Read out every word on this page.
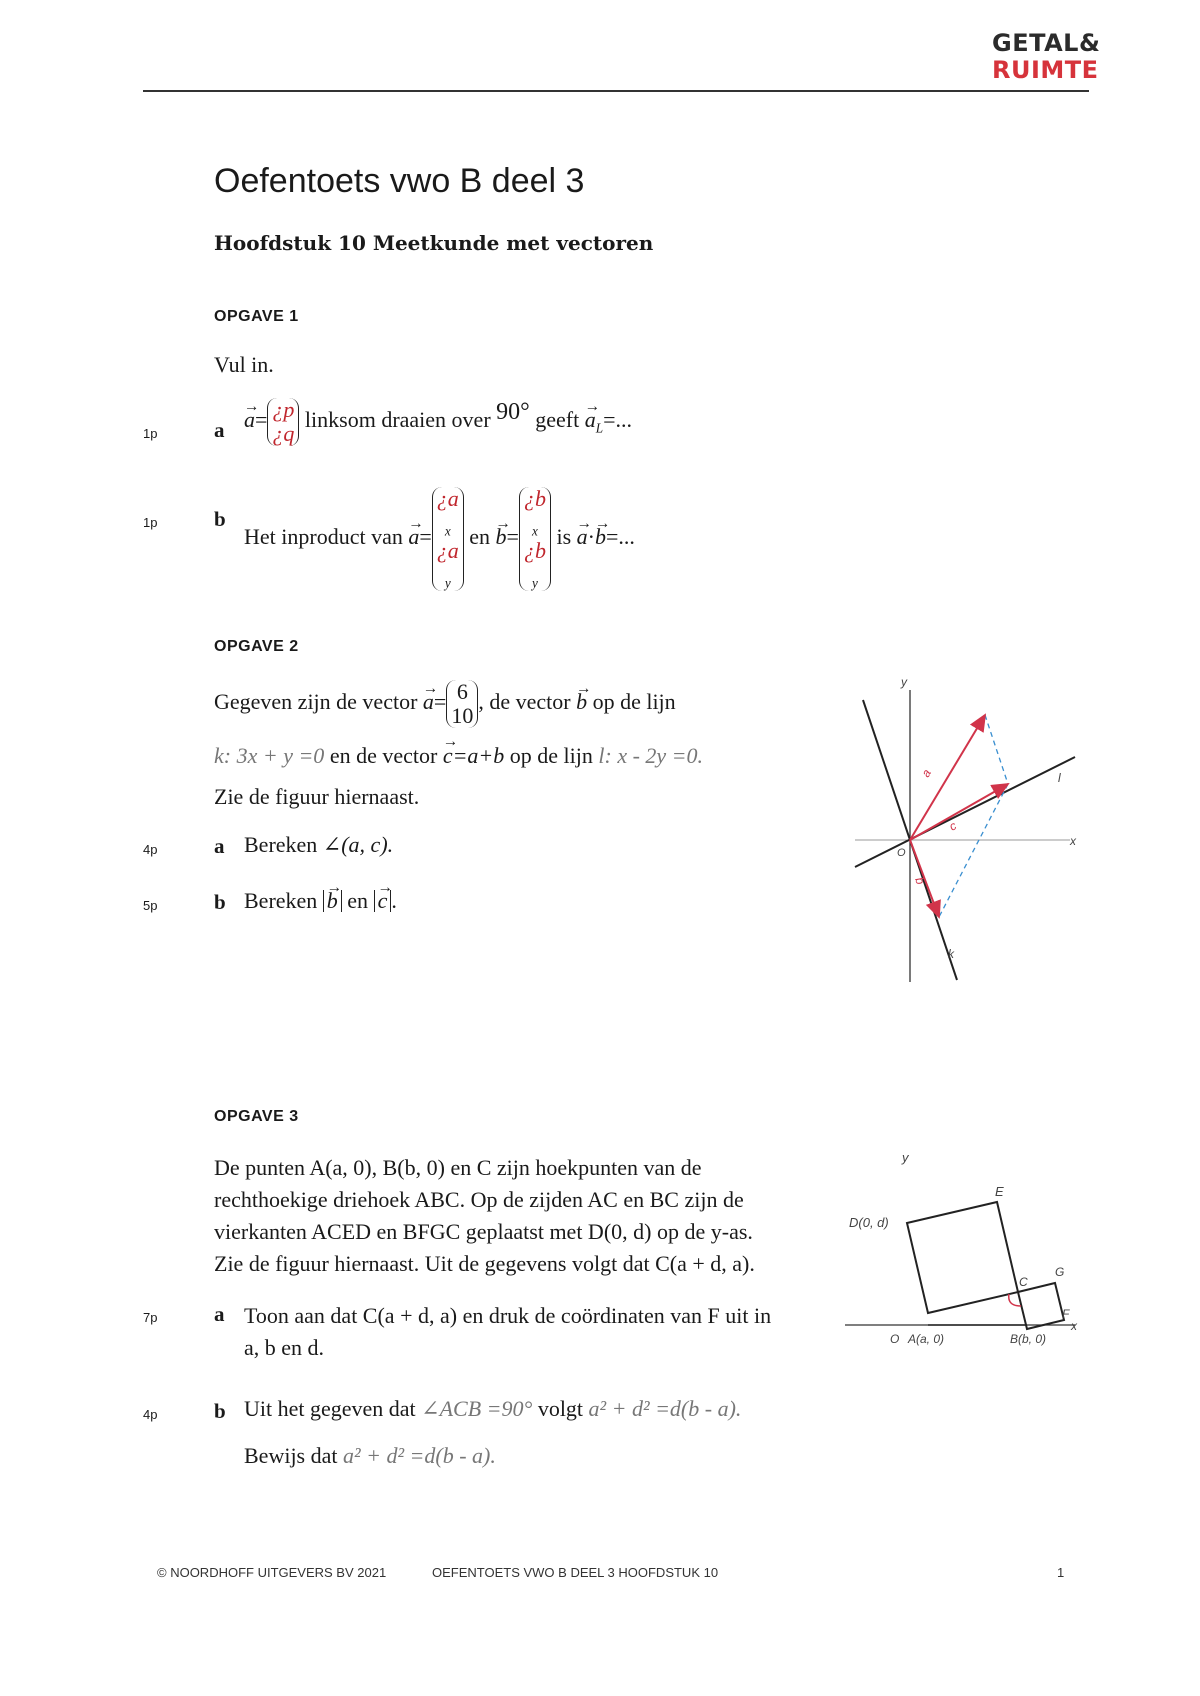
GETAL&
RUIMTE
Oefentoets vwo B deel 3
Hoofdstuk 10 Meetkunde met vectoren
OPGAVE 1
Vul in.
1p	a → a= ¿p
¿q
linksom draaien over 90° geeft → $a_L=$...
1p	b
Het inproduct van → a=
¿a
$_x$
¿a
$_y$
en → b=
¿b
$_x$
¿b
$_y$
is → a·→ b=...
OPGAVE 2
Gegeven zijn de vector → a= 6
10
, de vector → b op de lijn
k: 3x + y =0 en de vector → c=a+b op de lijn l: x - 2y =0.
Zie de figuur hiernaast.
4p	a Bereken ∠(a, c).
5p	b Bereken → b en → c .
y
x
O
l
k
a
c
b
OPGAVE 3
De punten A(a, 0), B(b, 0) en C zijn hoekpunten van de
rechthoekige driehoek ABC. Op de zijden AC en BC zijn de
vierkanten ACED en BFGC geplaatst met D(0, d) op de y-as.
Zie de figuur hiernaast. Uit de gegevens volgt dat C(a + d, a).
7p	a Toon aan dat C(a + d, a) en druk de coördinaten van F uit in
a, b en d.
4p	b Uit het gegeven dat ∠ACB =90° volgt a² + d² =d(b - a).
Bewijs dat a² + d² =d(b - a).
y
x
E
D(0, d)
C
G
F
O A(a, 0)	B(b, 0)
© NOORDHOFF UITGEVERS BV 2021	OEFENTOETS VWO B DEEL 3 HOOFDSTUK 10	1
